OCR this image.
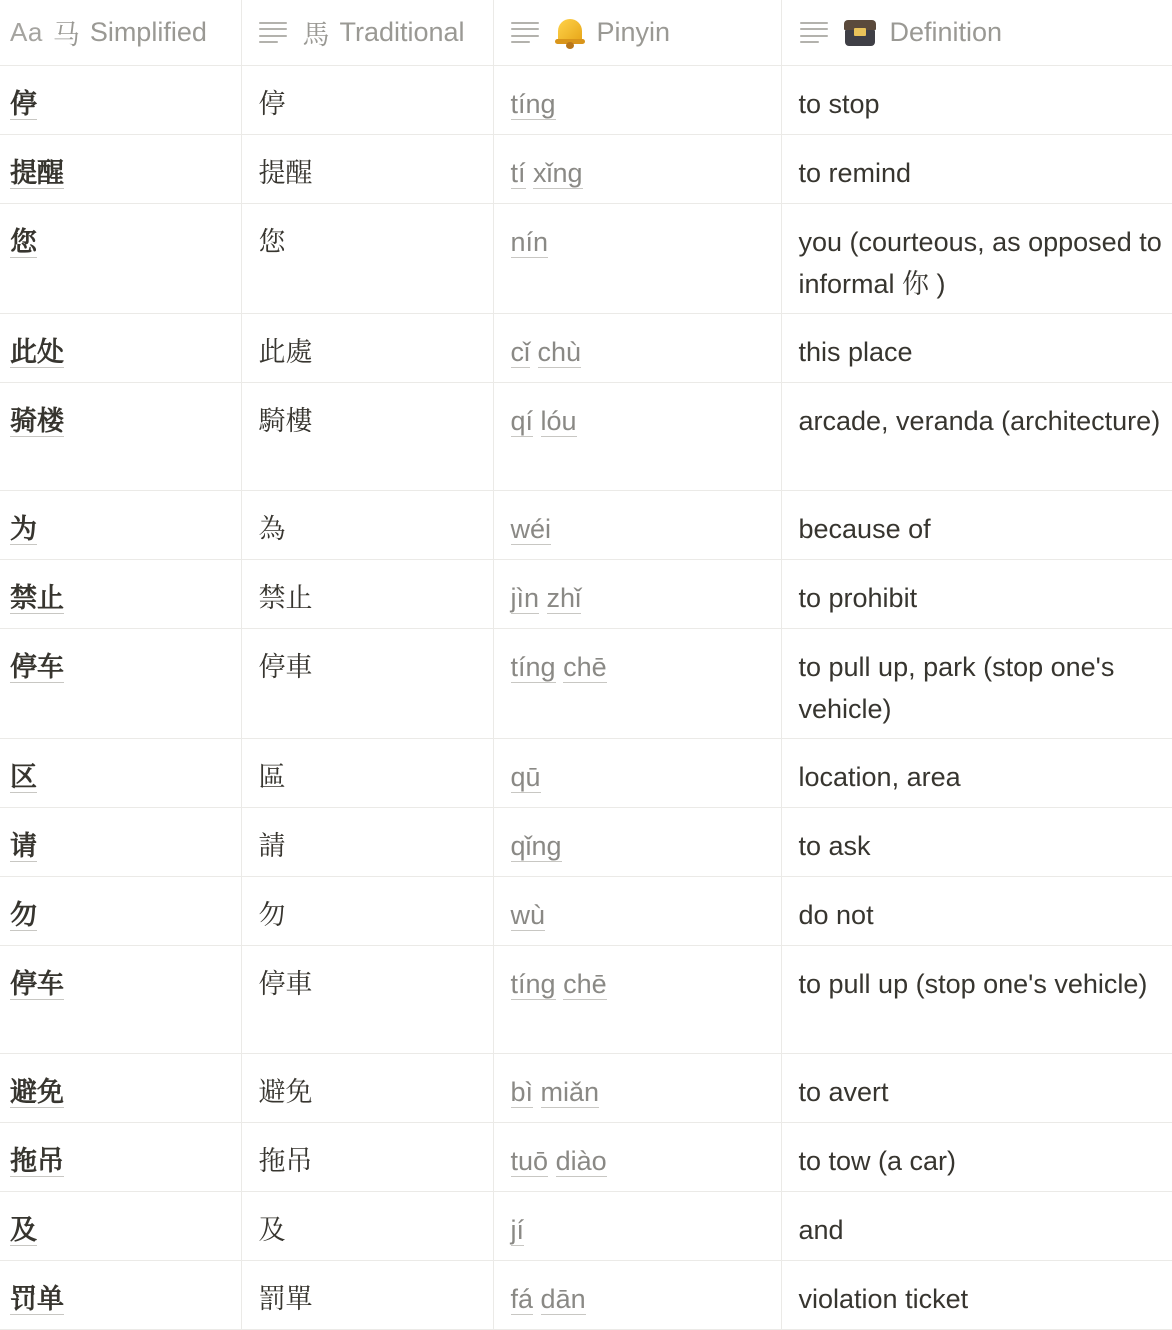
Aa 马 Simplified	馬 Traditional	Pinyin	Definition

停	停	tíng	to stop

提醒	提醒	tí xǐng	to remind

您	您	nín	you (courteous, as opposed to informal 你 )

此处	此處	cǐ chù	this place

骑楼	騎樓	qí lóu	arcade, veranda (architecture)

为	為	wéi	because of

禁止	禁止	jìn zhǐ	to prohibit

停车	停車	tíng chē	to pull up, park (stop one's vehicle)

区	區	qū	location, area

请	請	qǐng	to ask

勿	勿	wù	do not

停车	停車	tíng chē	to pull up (stop one's vehicle)

避免	避免	bì miǎn	to avert

拖吊	拖吊	tuō diào	to tow (a car)

及	及	jí	and

罚单	罰單	fá dān	violation ticket
